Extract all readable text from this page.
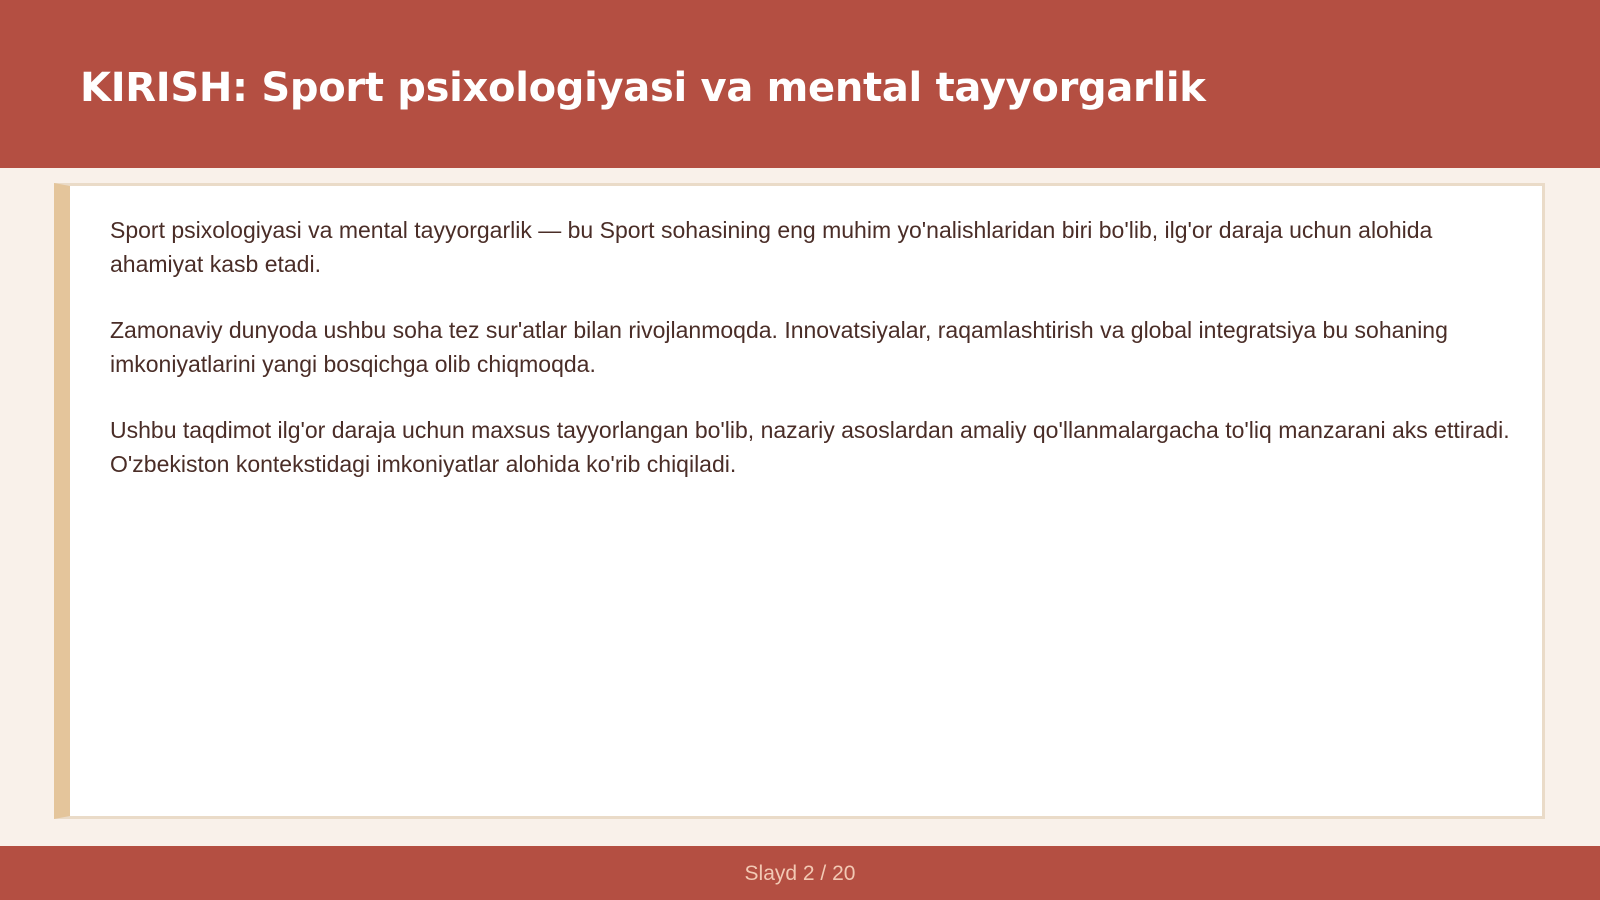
KIRISH: Sport psixologiyasi va mental tayyorgarlik

Sport psixologiyasi va mental tayyorgarlik — bu Sport sohasining eng muhim yo'nalishlaridan biri bo'lib, ilg'or daraja uchun alohida ahamiyat kasb etadi.

Zamonaviy dunyoda ushbu soha tez sur'atlar bilan rivojlanmoqda. Innovatsiyalar, raqamlashtirish va global integratsiya bu sohaning imkoniyatlarini yangi bosqichga olib chiqmoqda.

Ushbu taqdimot ilg'or daraja uchun maxsus tayyorlangan bo'lib, nazariy asoslardan amaliy qo'llanmalargacha to'liq manzarani aks ettiradi. O'zbekiston kontekstidagi imkoniyatlar alohida ko'rib chiqiladi.

Slayd 2 / 20
